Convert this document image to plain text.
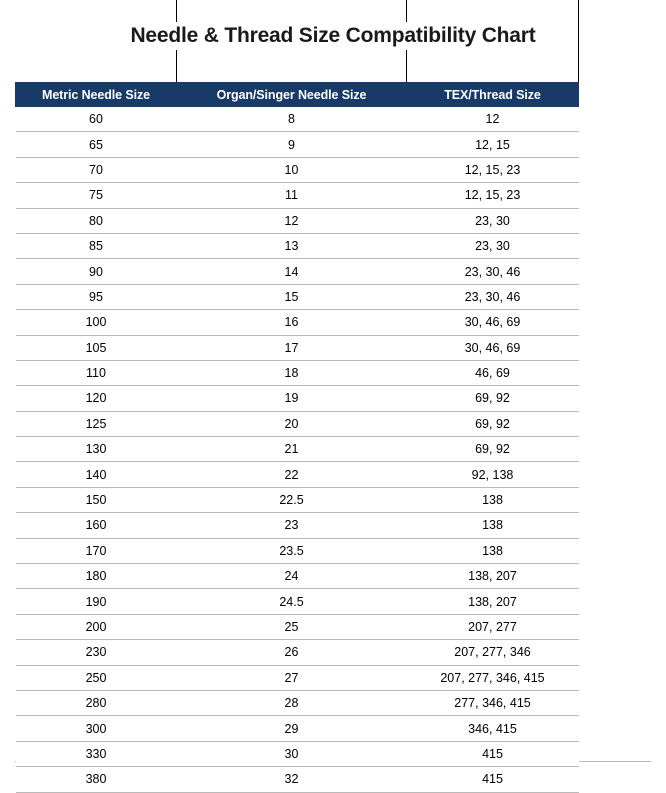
Needle & Thread Size Compatibility Chart
Metric Needle Size	Organ/Singer Needle Size	TEX/Thread Size	
60	8	12	
65	9	12, 15	
70	10	12, 15, 23	
75	11	12, 15, 23	
80	12	23, 30	
85	13	23, 30	
90	14	23, 30, 46	
95	15	23, 30, 46	
100	16	30, 46, 69	
105	17	30, 46, 69	
110	18	46, 69	
120	19	69, 92	
125	20	69, 92	
130	21	69, 92	
140	22	92, 138	
150	22.5	138	
160	23	138	
170	23.5	138	
180	24	138, 207	
190	24.5	138, 207	
200	25	207, 277	
230	26	207, 277, 346	
250	27	207, 277, 346, 415	
280	28	277, 346, 415	
300	29	346, 415	
330	30	415	
380	32	415	
